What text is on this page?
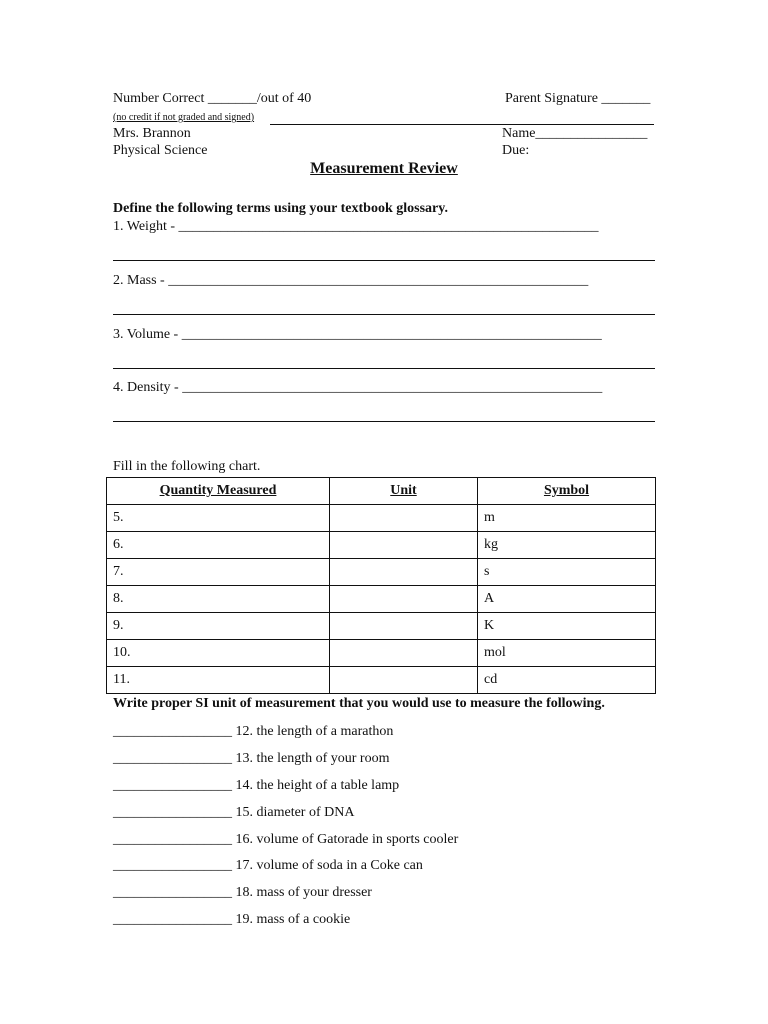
Number Correct _______/out of 40	Parent Signature _______
(no credit if not graded and signed)
Mrs. Brannon	Name________________
Physical Science	Due:
Measurement Review
Define the following terms using your textbook glossary.
1. Weight - ____________________________________________________________
2. Mass - ____________________________________________________________
3. Volume - ____________________________________________________________
4. Density - ____________________________________________________________
Fill in the following chart.
Quantity Measured	Unit	Symbol
5.		m
6.		kg
7.		s
8.		A
9.		K
10.		mol
11.		cd
Write proper SI unit of measurement that you would use to measure the following.
_________________ 12. the length of a marathon
_________________ 13. the length of your room
_________________ 14. the height of a table lamp
_________________ 15. diameter of DNA
_________________ 16. volume of Gatorade in sports cooler
_________________ 17. volume of soda in a Coke can
_________________ 18. mass of your dresser
_________________ 19. mass of a cookie
